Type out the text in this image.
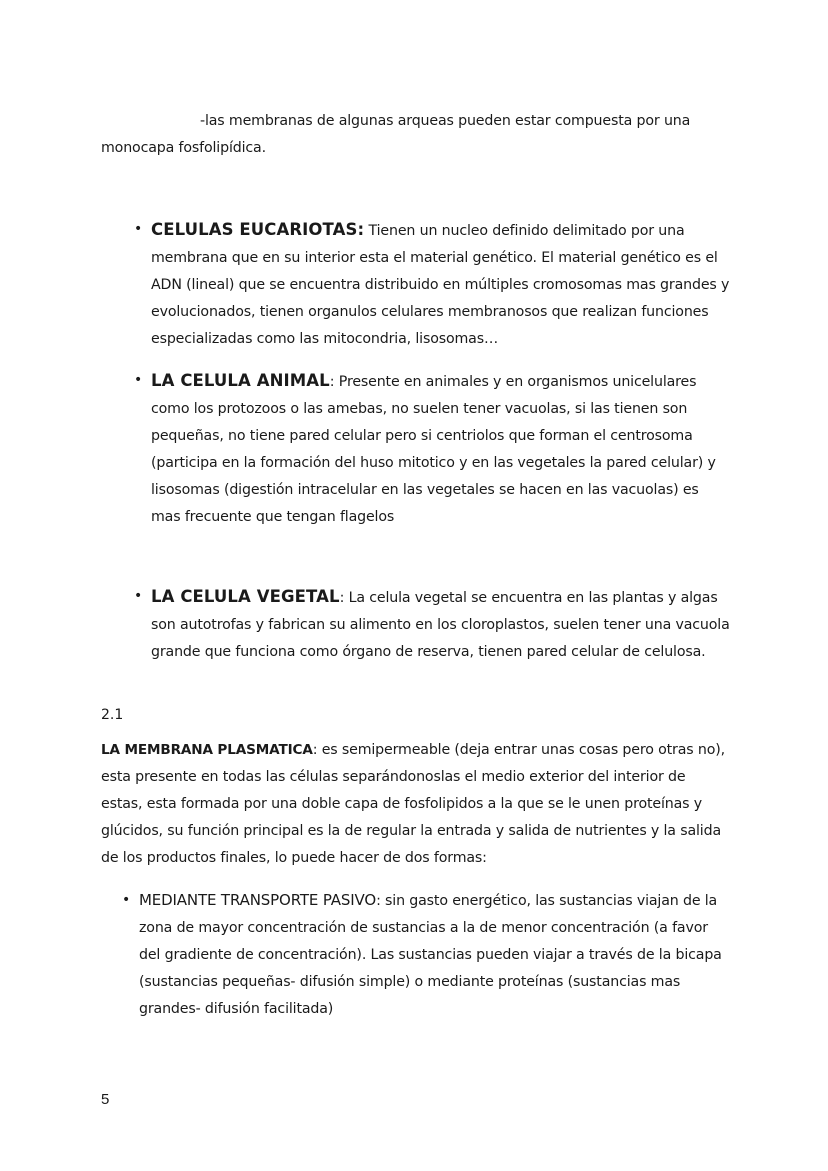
-las membranas de algunas arqueas pueden estar compuesta por una monocapa fosfolipídica.

• CELULAS EUCARIOTAS: Tienen un nucleo definido delimitado por una membrana que en su interior esta el material genético. El material genético es el ADN (lineal) que se encuentra distribuido en múltiples cromosomas mas grandes y evolucionados, tienen organulos celulares membranosos que realizan funciones especializadas como las mitocondria, lisosomas…
• LA CELULA ANIMAL: Presente en animales y en organismos unicelulares como los protozoos o las amebas, no suelen tener vacuolas, si las tienen son pequeñas, no tiene pared celular pero si centriolos que forman el centrosoma (participa en la formación del huso mitotico y en las vegetales la pared celular) y lisosomas (digestión intracelular en las vegetales se hacen en las vacuolas) es mas frecuente que tengan flagelos
• LA CELULA VEGETAL: La celula vegetal se encuentra en las plantas y algas son autotrofas y fabrican su alimento en los cloroplastos, suelen tener una vacuola grande que funciona como órgano de reserva, tienen pared celular de celulosa.
2.1

LA MEMBRANA PLASMATICA: es semipermeable (deja entrar unas cosas pero otras no), esta presente en todas las células separándonoslas el medio exterior del interior de estas, esta formada por una doble capa de fosfolipidos a la que se le unen proteínas y glúcidos, su función principal es la de regular la entrada y salida de nutrientes y la salida de los productos finales, lo puede hacer de dos formas:

• MEDIANTE TRANSPORTE PASIVO: sin gasto energético, las sustancias viajan de la zona de mayor concentración de sustancias a la de menor concentración (a favor del gradiente de concentración). Las sustancias pueden viajar a través de la bicapa (sustancias pequeñas- difusión simple) o mediante proteínas (sustancias mas grandes- difusión facilitada)
5
